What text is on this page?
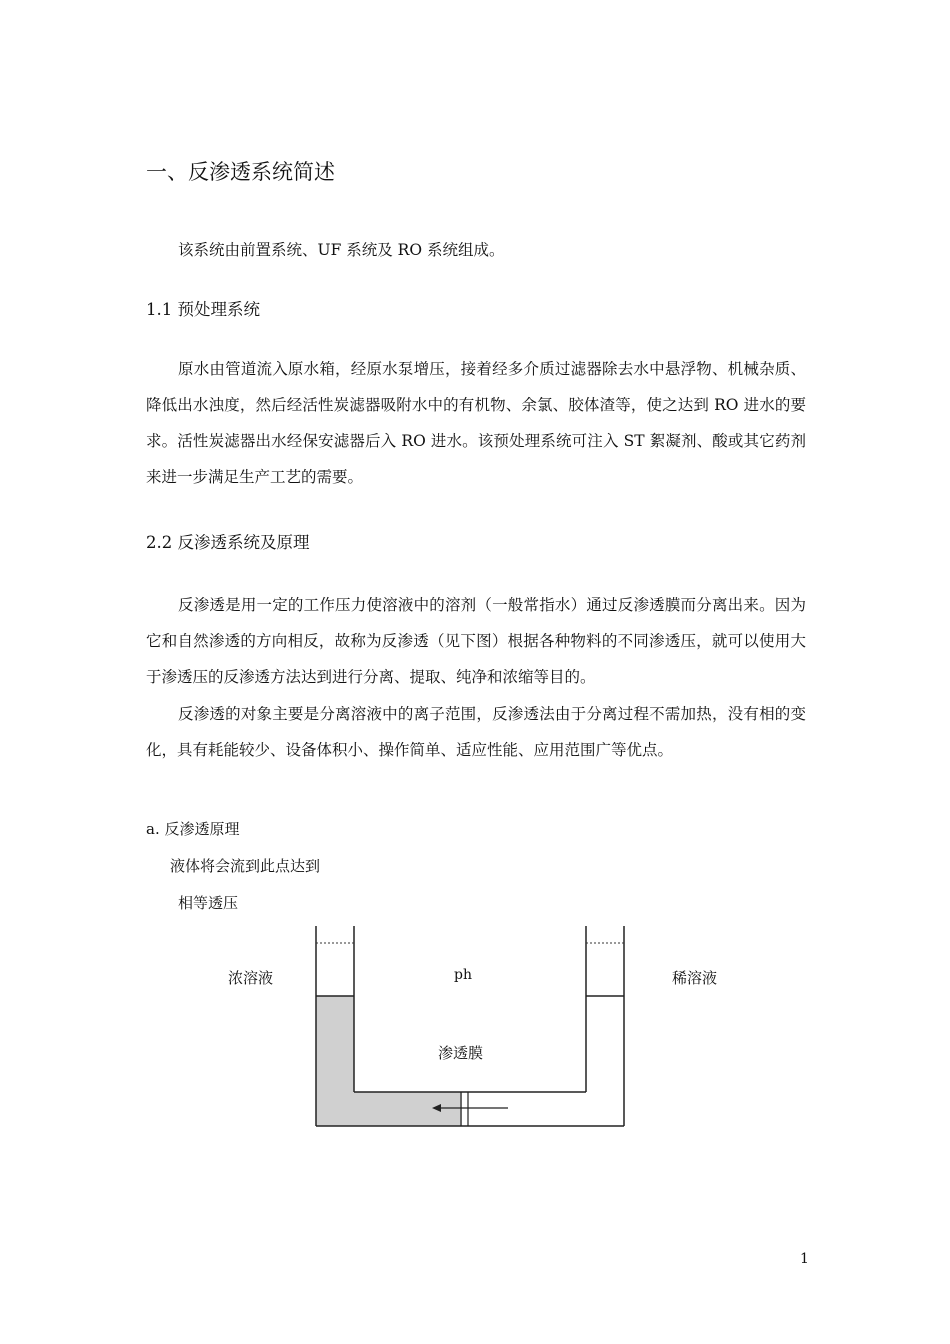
一、反渗透系统简述
该系统由前置系统、UF 系统及 RO 系统组成。
1.1 预处理系统
原水由管道流入原水箱，经原水泵增压，接着经多介质过滤器除去水中悬浮物、机械杂质、降低出水浊度，然后经活性炭滤器吸附水中的有机物、余氯、胶体渣等，使之达到 RO 进水的要求。活性炭滤器出水经保安滤器后入 RO 进水。该预处理系统可注入 ST 絮凝剂、酸或其它药剂来进一步满足生产工艺的需要。
2.2 反渗透系统及原理
反渗透是用一定的工作压力使溶液中的溶剂（一般常指水）通过反渗透膜而分离出来。因为它和自然渗透的方向相反，故称为反渗透（见下图）根据各种物料的不同渗透压，就可以使用大于渗透压的反渗透方法达到进行分离、提取、纯净和浓缩等目的。
反渗透的对象主要是分离溶液中的离子范围，反渗透法由于分离过程不需加热，没有相的变化，具有耗能较少、设备体积小、操作简单、适应性能、应用范围广等优点。
a. 反渗透原理
液体将会流到此点达到
相等透压
浓溶液	ph	稀溶液
渗透膜
1
